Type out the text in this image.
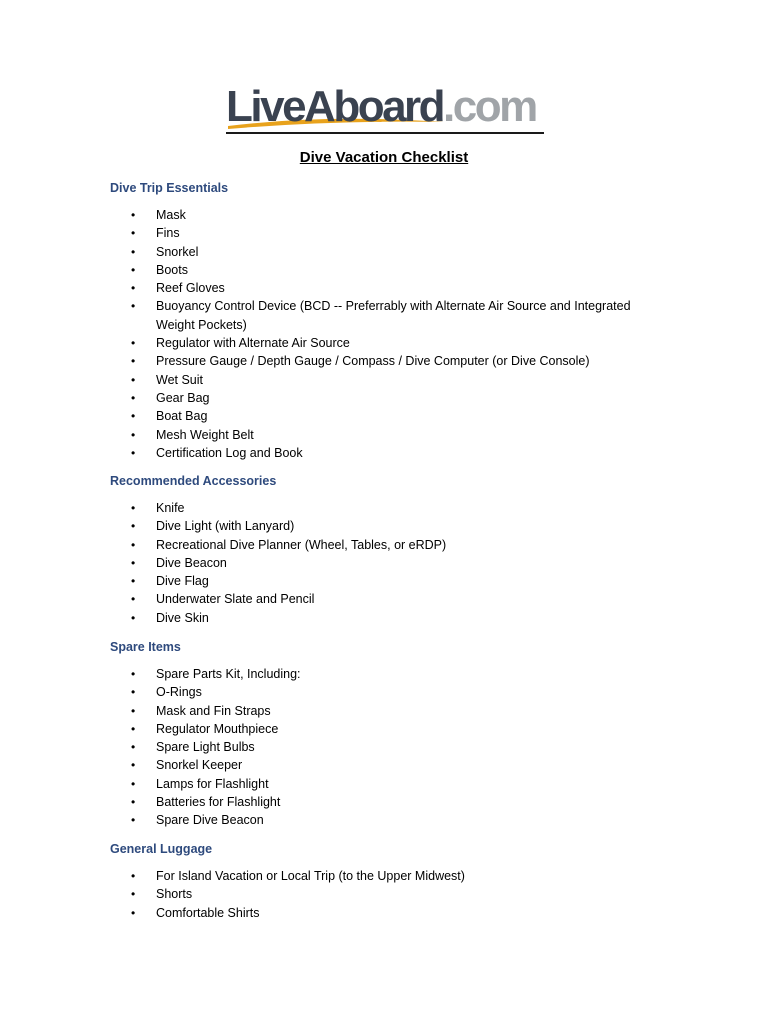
LiveAboard.com
Dive Vacation Checklist
Dive Trip Essentials
• Mask
• Fins
• Snorkel
• Boots
• Reef Gloves
• Buoyancy Control Device (BCD -- Preferrably with Alternate Air Source and Integrated Weight Pockets)
• Regulator with Alternate Air Source
• Pressure Gauge / Depth Gauge / Compass / Dive Computer (or Dive Console)
• Wet Suit
• Gear Bag
• Boat Bag
• Mesh Weight Belt
• Certification Log and Book
Recommended Accessories
• Knife
• Dive Light (with Lanyard)
• Recreational Dive Planner (Wheel, Tables, or eRDP)
• Dive Beacon
• Dive Flag
• Underwater Slate and Pencil
• Dive Skin
Spare Items
• Spare Parts Kit, Including:
• O-Rings
• Mask and Fin Straps
• Regulator Mouthpiece
• Spare Light Bulbs
• Snorkel Keeper
• Lamps for Flashlight
• Batteries for Flashlight
• Spare Dive Beacon
General Luggage
• For Island Vacation or Local Trip (to the Upper Midwest)
• Shorts
• Comfortable Shirts
